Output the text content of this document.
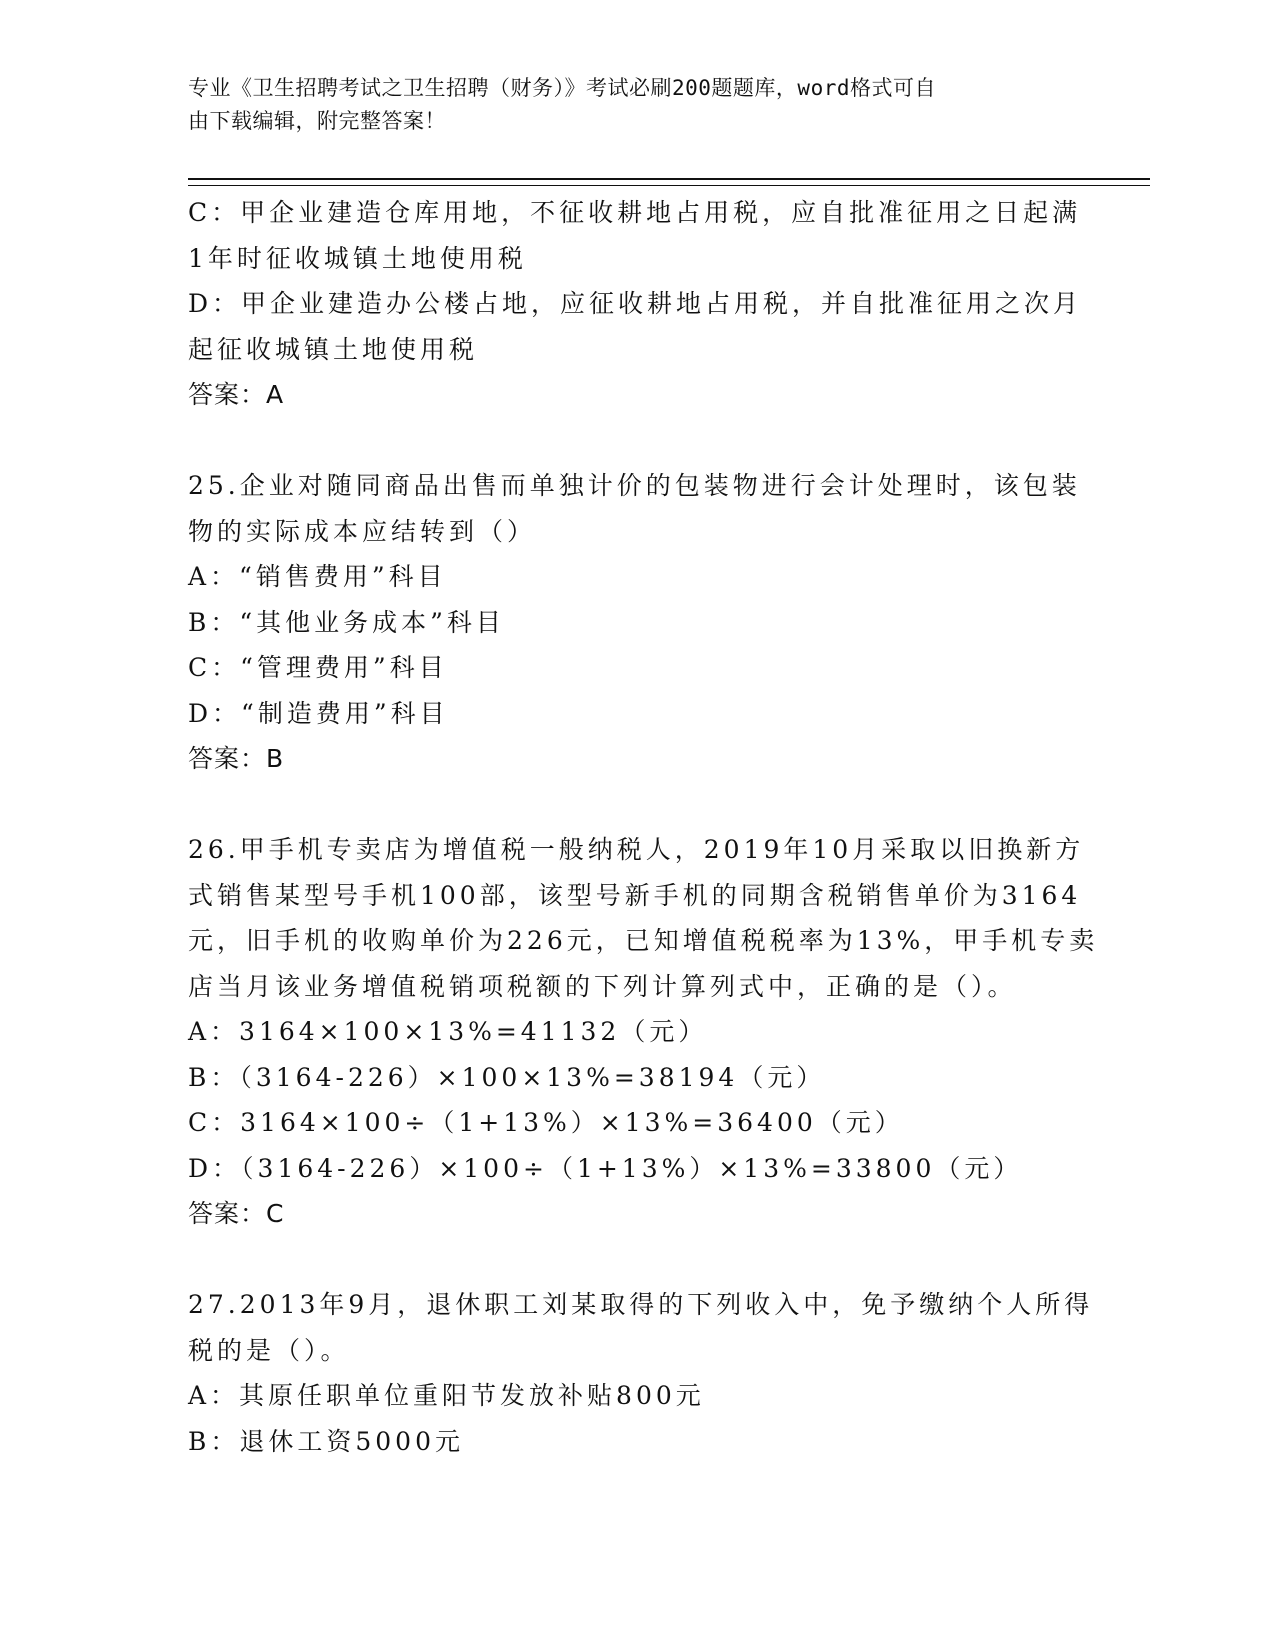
专业《卫生招聘考试之卫生招聘（财务）》考试必刷200题题库，word格式可自
由下载编辑，附完整答案！

C：甲企业建造仓库用地，不征收耕地占用税，应自批准征用之日起满

1年时征收城镇土地使用税

D：甲企业建造办公楼占地，应征收耕地占用税，并自批准征用之次月

起征收城镇土地使用税

答案：A

25.企业对随同商品出售而单独计价的包装物进行会计处理时，该包装

物的实际成本应结转到（）

A：“销售费用”科目

B：“其他业务成本”科目

C：“管理费用”科目

D：“制造费用”科目

答案：B

26.甲手机专卖店为增值税一般纳税人，2019年10月采取以旧换新方

式销售某型号手机100部，该型号新手机的同期含税销售单价为3164

元，旧手机的收购单价为226元，已知增值税税率为13%，甲手机专卖

店当月该业务增值税销项税额的下列计算列式中，正确的是（）。

A：3164×100×13%=41132（元）

B：（3164-226）×100×13%=38194（元）

C：3164×100÷（1+13%）×13%=36400（元）

D：（3164-226）×100÷（1+13%）×13%=33800（元）

答案：C

27.2013年9月，退休职工刘某取得的下列收入中，免予缴纳个人所得

税的是（）。

A：其原任职单位重阳节发放补贴800元

B：退休工资5000元
